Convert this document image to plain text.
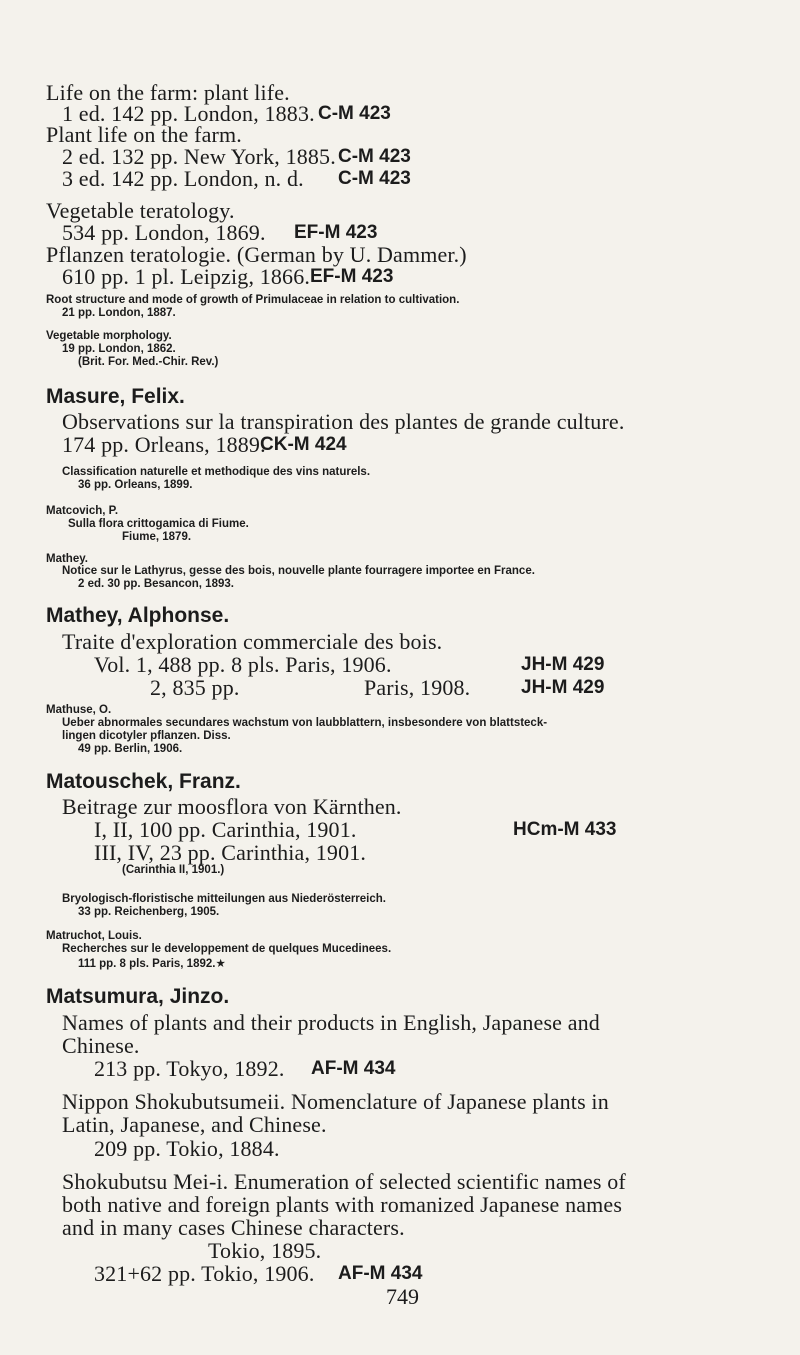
Life on the farm: plant life.
1 ed. 142 pp. London, 1883. C-M 423
Plant life on the farm.
2 ed. 132 pp. New York, 1885. C-M 423
3 ed. 142 pp. London, n. d. C-M 423
Vegetable teratology.
534 pp. London, 1869. EF-M 423
Pflanzen teratologie. (German by U. Dammer.)
610 pp. 1 pl. Leipzig, 1866. EF-M 423
Root structure and mode of growth of Primulaceae in relation to cultivation.
21 pp. London, 1887.
Vegetable morphology.
19 pp. London, 1862.
(Brit. For. Med.-Chir. Rev.)
Masure, Felix.
Observations sur la transpiration des plantes de grande culture.
174 pp. Orleans, 1889.
CK-M 424
Classification naturelle et methodique des vins naturels.
36 pp. Orleans, 1899.
Matcovich, P.
Sulla flora crittogamica di Fiume.
Fiume, 1879.
Mathey.
Notice sur le Lathyrus, gesse des bois, nouvelle plante fourragere importee en France.
2 ed. 30 pp. Besancon, 1893.
Mathey, Alphonse.
Traite d'exploration commerciale des bois.
Vol. 1, 488 pp. 8 pls. Paris, 1906.	JH-M 429
2, 835 pp.	Paris, 1908.	JH-M 429
Mathuse, O.
Ueber abnormales secundares wachstum von laubblattern, insbesondere von blattsteck-
lingen dicotyler pflanzen. Diss.
49 pp. Berlin, 1906.
Matouschek, Franz.
Beitrage zur moosflora von Kärnthen.
I, II, 100 pp. Carinthia, 1901.	HCm-M 433
III, IV, 23 pp. Carinthia, 1901.
(Carinthia II, 1901.)
Bryologisch-floristische mitteilungen aus Niederösterreich.
33 pp. Reichenberg, 1905.
Matruchot, Louis.
Recherches sur le developpement de quelques Mucedinees.
111 pp. 8 pls. Paris, 1892.★
Matsumura, Jinzo.
Names of plants and their products in English, Japanese and
Chinese.
213 pp. Tokyo, 1892. AF-M 434
Nippon Shokubutsumeii. Nomenclature of Japanese plants in
Latin, Japanese, and Chinese.
209 pp. Tokio, 1884.
Shokubutsu Mei-i. Enumeration of selected scientific names of
both native and foreign plants with romanized Japanese names
and in many cases Chinese characters.
Tokio, 1895.
321+62 pp. Tokio, 1906. AF-M 434
749
